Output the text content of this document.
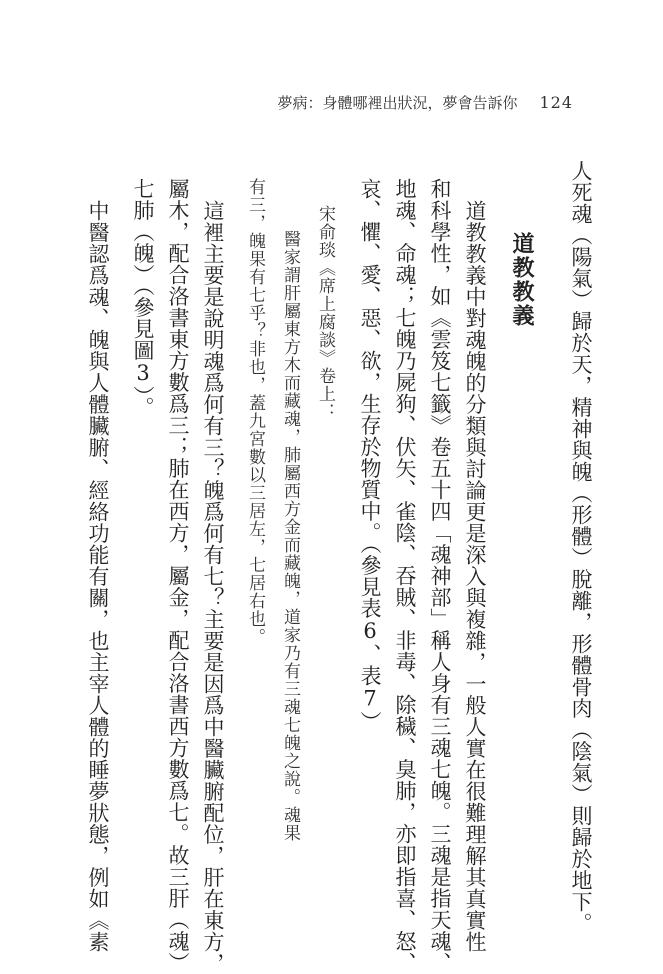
夢病：身體哪裡出狀況，夢會告訴你 124
人死魂（陽氣）歸於天，精神與魄（形體）脫離，形體骨肉（陰氣）則歸於地下。
道教教義
道教教義中對魂魄的分類與討論更是深入與複雜，一般人實在很難理解其真實性
和科學性，如《雲笈七籤》卷五十四「魂神部」稱人身有三魂七魄。三魂是指天魂、
地魂、命魂；七魄乃屍狗、伏矢、雀陰、吞賊、非毒、除穢、臭肺，亦即指喜、怒、
哀、懼、愛、惡、欲，生存於物質中。（參見表6、表7）
宋俞琰《席上腐談》卷上：
醫家謂肝屬東方木而藏魂，肺屬西方金而藏魄，道家乃有三魂七魄之說。魂果
有三，魄果有七乎？非也，蓋九宮數以三居左，七居右也。
這裡主要是說明魂爲何有三？魄爲何有七？主要是因爲中醫臟腑配位，肝在東方，
屬木，配合洛書東方數爲三；肺在西方，屬金，配合洛書西方數爲七。故三肝（魂）
七肺（魄）（參見圖3）。
中醫認爲魂、魄與人體臟腑、經絡功能有關，也主宰人體的睡夢狀態，例如《素
